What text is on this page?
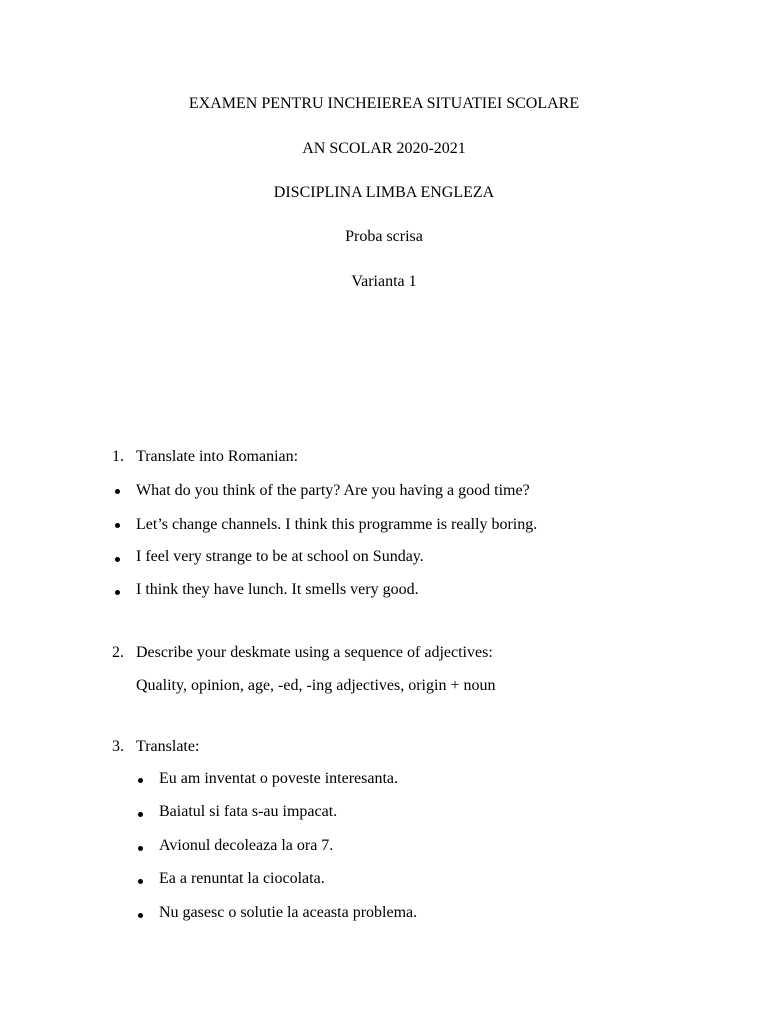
EXAMEN PENTRU INCHEIEREA SITUATIEI SCOLARE
AN SCOLAR 2020-2021
DISCIPLINA LIMBA ENGLEZA
Proba scrisa
Varianta 1
1. Translate into Romanian:
What do you think of the party? Are you having a good time?
Let’s change channels. I think this programme is really boring.
I feel very strange to be at school on Sunday.
I think they have lunch. It smells very good.
2. Describe your deskmate using a sequence of adjectives:
Quality, opinion, age, -ed, -ing adjectives, origin + noun
3. Translate:
Eu am inventat o poveste interesanta.
Baiatul si fata s-au impacat.
Avionul decoleaza la ora 7.
Ea a renuntat la ciocolata.
Nu gasesc o solutie la aceasta problema.
